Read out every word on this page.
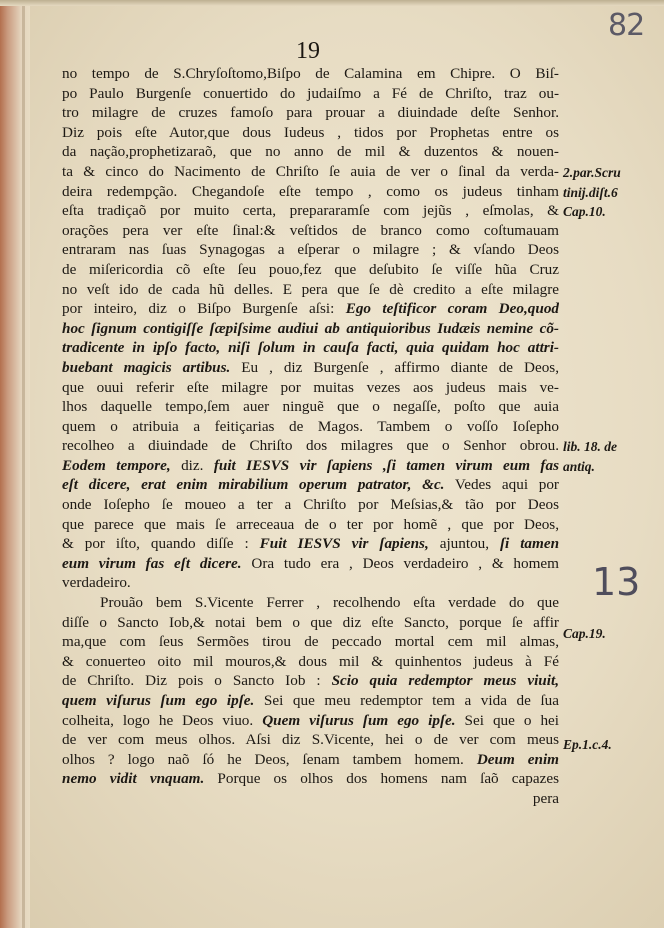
19
82
13
no tempo de S.Chryſoſtomo,Biſpo de Calamina em Chipre. O Biſ-
po Paulo Burgenſe conuertido do judaiſmo a Fé de Chriſto, traz ou-
tro milagre de cruzes famoſo para prouar a diuindade deſte Senhor.
Diz pois eſte Autor,que dous Iudeus , tidos por Prophetas entre os
da nação,prophetizaraõ, que no anno de mil & duzentos & nouen-
ta & cinco do Nacimento de Chriſto ſe auia de ver o ſinal da verda-
deira redempção. Chegandoſe eſte tempo , como os judeus tinham
eſta tradiçaõ por muito certa, prepararamſe com jejũs , eſmolas, &
orações pera ver eſte ſinal:& veſtidos de branco como coſtumauam
entraram nas ſuas Synagogas a eſperar o milagre ; & vſando Deos
de miſericordia cõ eſte ſeu pouo,fez que deſubito ſe viſſe hũa Cruz
no veſt ido de cada hũ delles. E pera que ſe dè credito a eſte milagre
por inteiro, diz o Biſpo Burgenſe aſsi: Ego teſtificor coram Deo,quod
hoc ſignum contigiſſe ſæpiſsime audiui ab antiquioribus Iudæis nemine cõ-
tradicente in ipſo facto, niſi ſolum in cauſa facti, quia quidam hoc attri-
buebant magicis artibus. Eu , diz Burgenſe , affirmo diante de Deos,
que ouui referir eſte milagre por muitas vezes aos judeus mais ve-
lhos daquelle tempo,ſem auer ninguẽ que o negaſſe, poſto que auia
quem o atribuia a feitiçarias de Magos. Tambem o voſſo Ioſepho
recolheo a diuindade de Chriſto dos milagres que o Senhor obrou.
Eodem tempore, diz. fuit IESVS vir ſapiens ,ſi tamen virum eum fas
eſt dicere, erat enim mirabilium operum patrator, &c. Vedes aqui por
onde Ioſepho ſe moueo a ter a Chriſto por Meſsias,& tão por Deos
que parece que mais ſe arreceaua de o ter por homẽ , que por Deos,
& por iſto, quando diſſe : Fuit IESVS vir ſapiens, ajuntou, ſi tamen
eum virum fas eſt dicere. Ora tudo era , Deos verdadeiro , & homem
verdadeiro.
Prouão bem S.Vicente Ferrer , recolhendo eſta verdade do que
diſſe o Sancto Iob,& notai bem o que diz eſte Sancto, porque ſe affir
ma,que com ſeus Sermões tirou de peccado mortal cem mil almas,
& conuerteo oito mil mouros,& dous mil & quinhentos judeus à Fé
de Chriſto. Diz pois o Sancto Iob : Scio quia redemptor meus viuit,
quem viſurus ſum ego ipſe. Sei que meu redemptor tem a vida de ſua
colheita, logo he Deos viuo. Quem viſurus ſum ego ipſe. Sei que o hei
de ver com meus olhos. Aſsi diz S.Vicente, hei o de ver com meus
olhos ? logo naõ ſó he Deos, ſenam tambem homem. Deum enim
nemo vidit vnquam. Porque os olhos dos homens nam ſaõ capazes
pera
2.par.Scru
tinij.diſt.6
Cap.10.
lib. 18. de
antiq.
Cap.19.
Ep.1.c.4.
